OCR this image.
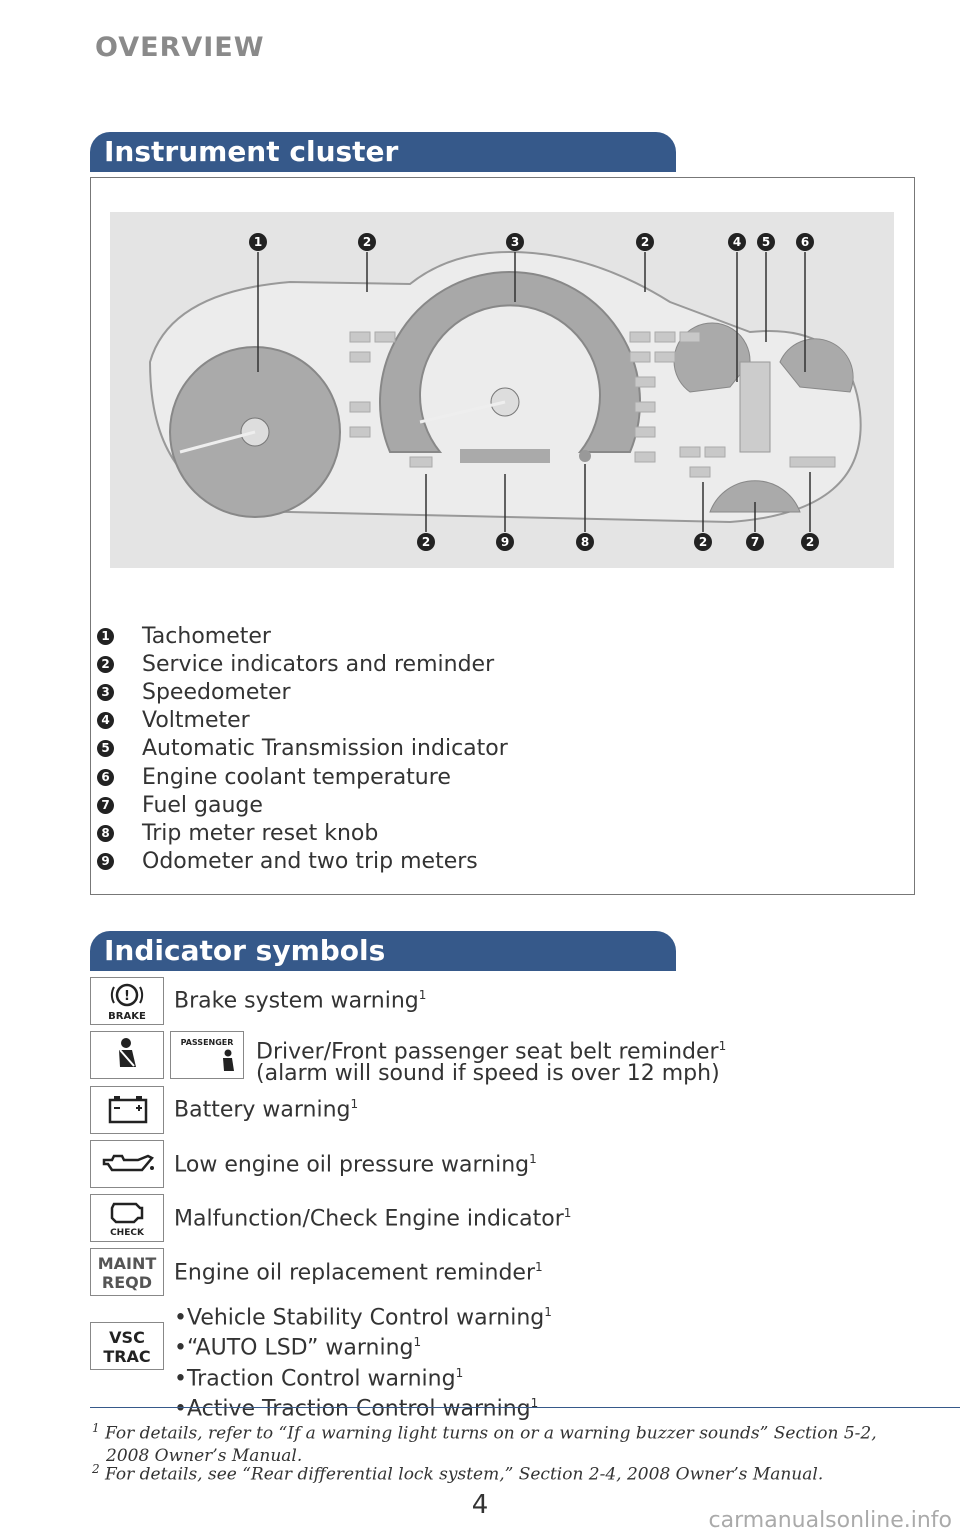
OVERVIEW
Instrument cluster
1	2	3	2	4 5	6
2	9	8	2	7	2
1 Tachometer
2 Service indicators and reminder
3 Speedometer
4 Voltmeter
5 Automatic Transmission indicator
6 Engine coolant temperature
7 Fuel gauge
8 Trip meter reset knob
9 Odometer and two trip meters
Indicator symbols
!
BRAKE
Brake system warning$^1$
PASSENGER Driver/Front passenger seat belt reminder$^1$
(alarm will sound if speed is over 12 mph)
Battery warning$^1$
Low engine oil pressure warning$^1$
CHECK
Malfunction/Check Engine indicator$^1$
MAINT
REQD Engine oil replacement reminder$^1$
VSC
TRAC
•Vehicle Stability Control warning$^1$
•“AUTO LSD” warning$^1$
•Traction Control warning$^1$
•Active Traction Control warning$^1$
$^1$ For details, refer to “If a warning light turns on or a warning buzzer sounds” Section 5-2,
2008 Owner’s Manual.
$^2$ For details, see “Rear differential lock system,” Section 2-4, 2008 Owner’s Manual.
4
carmanualsonline.info
